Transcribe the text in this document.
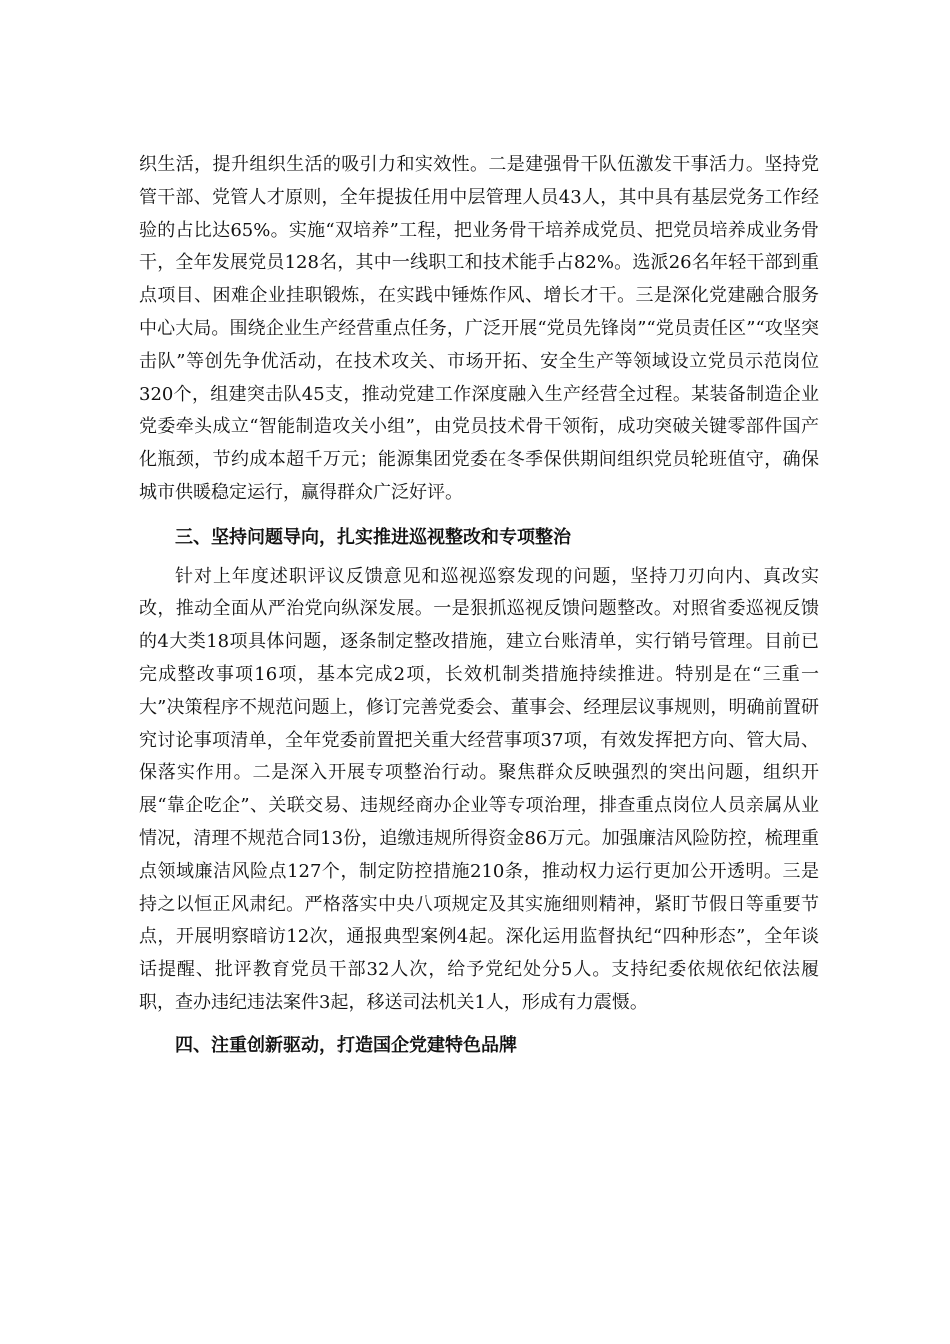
织生活，提升组织生活的吸引力和实效性。二是建强骨干队伍激发干事活力。坚持党管干部、党管人才原则，全年提拔任用中层管理人员43人，其中具有基层党务工作经验的占比达65%。实施“双培养”工程，把业务骨干培养成党员、把党员培养成业务骨干，全年发展党员128名，其中一线职工和技术能手占82%。选派26名年轻干部到重点项目、困难企业挂职锻炼，在实践中锤炼作风、增长才干。三是深化党建融合服务中心大局。围绕企业生产经营重点任务，广泛开展“党员先锋岗”“党员责任区”“攻坚突击队”等创先争优活动，在技术攻关、市场开拓、安全生产等领域设立党员示范岗位320个，组建突击队45支，推动党建工作深度融入生产经营全过程。某装备制造企业党委牵头成立“智能制造攻关小组”，由党员技术骨干领衔，成功突破关键零部件国产化瓶颈，节约成本超千万元；能源集团党委在冬季保供期间组织党员轮班值守，确保城市供暖稳定运行，赢得群众广泛好评。

三、坚持问题导向，扎实推进巡视整改和专项整治

针对上年度述职评议反馈意见和巡视巡察发现的问题，坚持刀刃向内、真改实改，推动全面从严治党向纵深发展。一是狠抓巡视反馈问题整改。对照省委巡视反馈的4大类18项具体问题，逐条制定整改措施，建立台账清单，实行销号管理。目前已完成整改事项16项，基本完成2项，长效机制类措施持续推进。特别是在“三重一大”决策程序不规范问题上，修订完善党委会、董事会、经理层议事规则，明确前置研究讨论事项清单，全年党委前置把关重大经营事项37项，有效发挥把方向、管大局、保落实作用。二是深入开展专项整治行动。聚焦群众反映强烈的突出问题，组织开展“靠企吃企”、关联交易、违规经商办企业等专项治理，排查重点岗位人员亲属从业情况，清理不规范合同13份，追缴违规所得资金86万元。加强廉洁风险防控，梳理重点领域廉洁风险点127个，制定防控措施210条，推动权力运行更加公开透明。三是持之以恒正风肃纪。严格落实中央八项规定及其实施细则精神，紧盯节假日等重要节点，开展明察暗访12次，通报典型案例4起。深化运用监督执纪“四种形态”，全年谈话提醒、批评教育党员干部32人次，给予党纪处分5人。支持纪委依规依纪依法履职，查办违纪违法案件3起，移送司法机关1人，形成有力震慑。

四、注重创新驱动，打造国企党建特色品牌
